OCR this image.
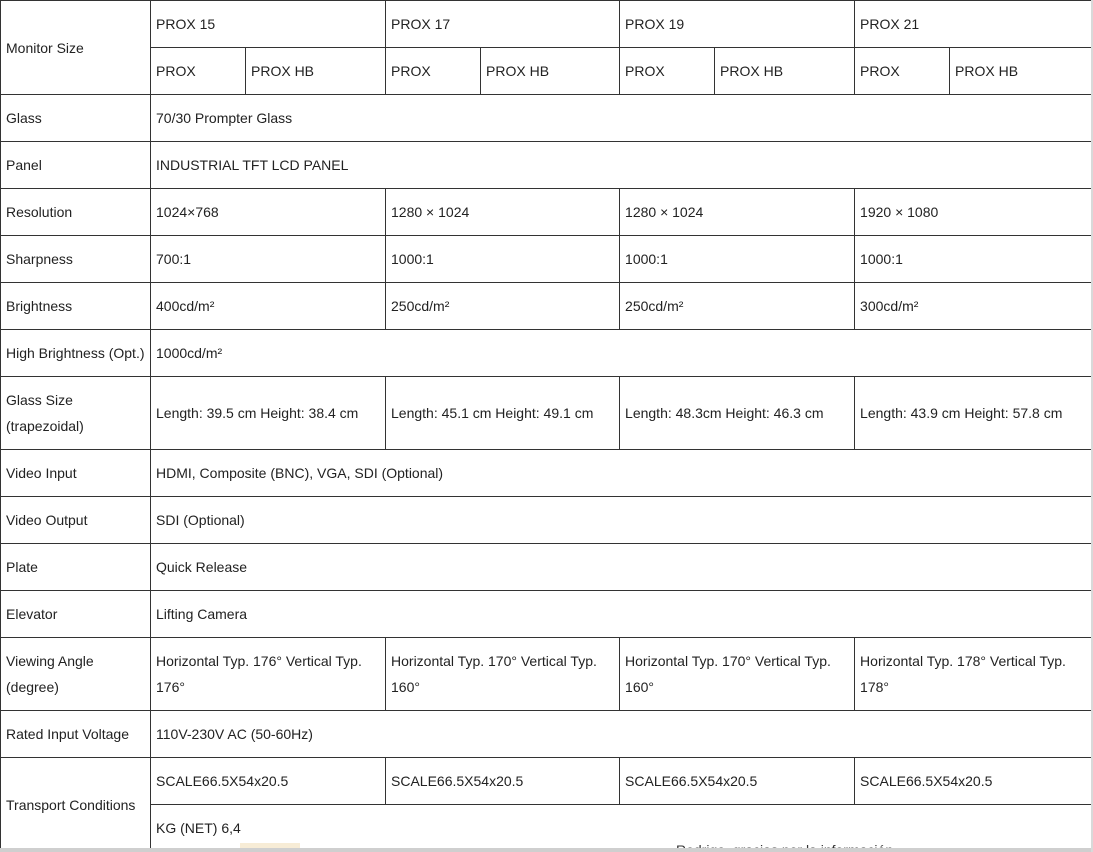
Monitor Size	PROX 15		PROX 17		PROX 19		PROX 21	
	PROX	PROX HB	PROX	PROX HB	PROX	PROX HB	PROX	PROX HB
Glass	70/30 Prompter Glass							
Panel	INDUSTRIAL TFT LCD PANEL							
Resolution	1024×768		1280 × 1024		1280 × 1024		1920 × 1080	
Sharpness	700:1		1000:1		1000:1		1000:1	
Brightness	400cd/m²		250cd/m²		250cd/m²		300cd/m²	
High Brightness (Opt.)	1000cd/m²							
Glass Size (trapezoidal)	Length: 39.5 cm Height: 38.4 cm		Length: 45.1 cm Height: 49.1 cm		Length: 48.3cm Height: 46.3 cm		Length: 43.9 cm Height: 57.8 cm	
Video Input	HDMI, Composite (BNC), VGA, SDI (Optional)							
Video Output	SDI (Optional)							
Plate	Quick Release							
Elevator	Lifting Camera							
Viewing Angle (degree)	Horizontal Typ. 176° Vertical Typ. 176°		Horizontal Typ. 170° Vertical Typ. 160°		Horizontal Typ. 170° Vertical Typ. 160°		Horizontal Typ. 178° Vertical Typ. 178°	
Rated Input Voltage	110V-230V AC (50-60Hz)							
Transport Conditions	SCALE66.5X54x20.5		SCALE66.5X54x20.5		SCALE66.5X54x20.5		SCALE66.5X54x20.5	
	KG (NET) 6,4							
